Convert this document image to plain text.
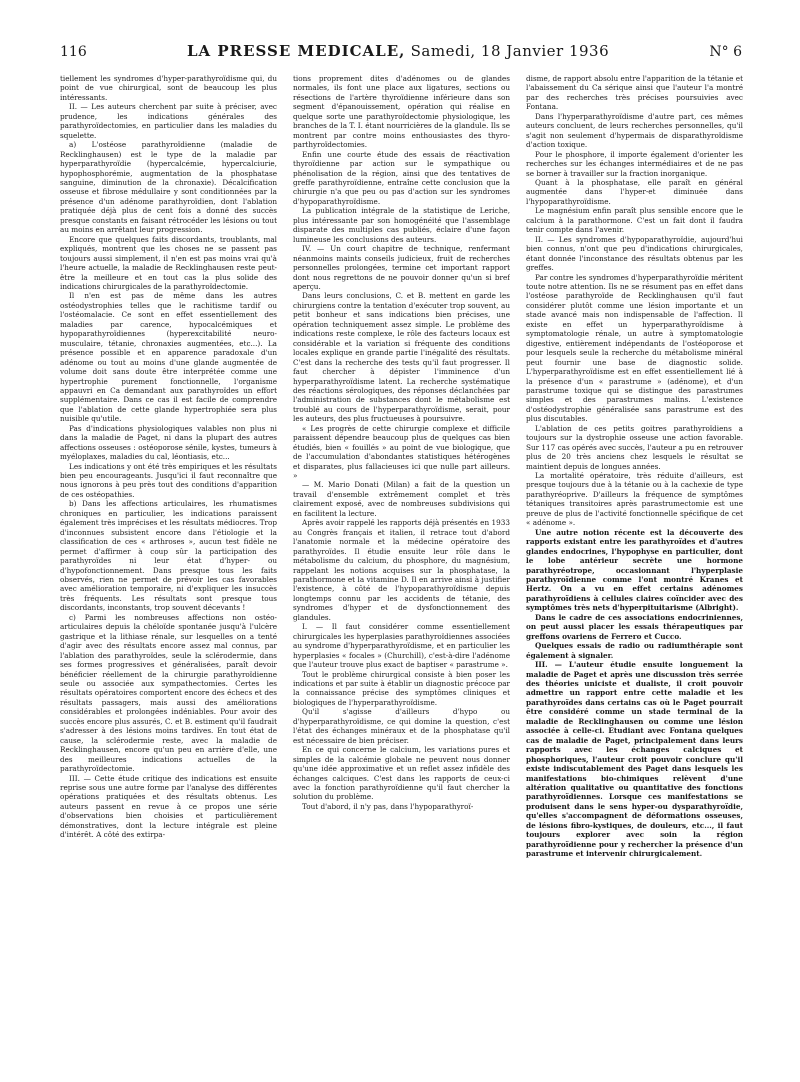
116	LA PRESSE MEDICALE, Samedi, 18 Janvier 1936	N° 6

tiellement les syndromes d'hyper-parathyroïdisme qui, du point de vue chirurgical, sont de beaucoup les plus intéressants.

II. — Les auteurs cherchent par suite à préciser, avec prudence, les indications générales des parathyroïdectomies, en particulier dans les maladies du squelette.

a) L'ostéose parathyroïdienne (maladie de Recklinghausen) est le type de la maladie par hyperparathyroïdie (hypercalcémie, hypercalciurie, hypophosphorémie, augmentation de la phosphatase sanguine, diminution de la chronaxie). Décalcification osseuse et fibrose médullaire y sont conditionnées par la présence d'un adénome parathyroïdien, dont l'ablation pratiquée déjà plus de cent fois a donné des succès presque constants en faisant rétrocéder les lésions ou tout au moins en arrêtant leur progression.

Encore que quelques faits discordants, troublants, mal expliqués, montrent que les choses ne se passent pas toujours aussi simplement, il n'en est pas moins vrai qu'à l'heure actuelle, la maladie de Recklinghausen reste peut-être la meilleure et en tout cas la plus solide des indications chirurgicales de la parathyroïdectomie.

Il n'en est pas de même dans les autres ostéodystrophies telles que le rachitisme tardif ou l'ostéomalacie. Ce sont en effet essentiellement des maladies par carence, hypocalcémiques et hypoparathyroïdiennes (hyperexcitabilité neuro-musculaire, tétanie, chronaxies augmentées, etc...). La présence possible et en apparence paradoxale d'un adénome ou tout au moins d'une glande augmentée de volume doit sans doute être interprétée comme une hypertrophie purement fonctionnelle, l'organisme appauvri en Ca demandant aux parathyroïdes un effort supplémentaire. Dans ce cas il est facile de comprendre que l'ablation de cette glande hypertrophiée sera plus nuisible qu'utile.

Pas d'indications physiologiques valables non plus ni dans la maladie de Paget, ni dans la plupart des autres affections osseuses : ostéoporose sénile, kystes, tumeurs à myéloplaxes, maladies du cal, léontiasis, etc...

Les indications y ont été très empiriques et les résultats bien peu encourageants. Jusqu'ici il faut reconnaître que nous ignorons à peu près tout des conditions d'apparition de ces ostéopathies.

b) Dans les affections articulaires, les rhumatismes chroniques en particulier, les indications paraissent également très imprécises et les résultats médiocres. Trop d'inconnues subsistent encore dans l'étiologie et la classification de ces « arthroses », aucun test fidèle ne permet d'affirmer à coup sûr la participation des parathyroïdes ni leur état d'hyper- ou d'hypofonctionnement. Dans presque tous les faits observés, rien ne permet de prévoir les cas favorables avec amélioration temporaire, ni d'expliquer les insuccès très fréquents. Les résultats sont presque tous discordants, inconstants, trop souvent décevants !

c) Parmi les nombreuses affections non ostéo-articulaires depuis la chéloïde spontanée jusqu'à l'ulcère gastrique et la lithiase rénale, sur lesquelles on a tenté d'agir avec des résultats encore assez mal connus, par l'ablation des parathyroïdes, seule la sclérodermie, dans ses formes progressives et généralisées, paraît devoir bénéficier réellement de la chirurgie parathyroïdienne seule ou associée aux sympathectomies. Certes les résultats opératoires comportent encore des échecs et des résultats passagers, mais aussi des améliorations considérables et prolongées indéniables. Pour avoir des succès encore plus assurés, C. et B. estiment qu'il faudrait s'adresser à des lésions moins tardives. En tout état de cause, la sclérodermie reste, avec la maladie de Recklinghausen, encore qu'un peu en arrière d'elle, une des meilleures indications actuelles de la parathyroïdectomie.

III. — Cette étude critique des indications est ensuite reprise sous une autre forme par l'analyse des différentes opérations pratiquées et des résultats obtenus. Les auteurs passent en revue à ce propos une série d'observations bien choisies et particulièrement démonstratives, dont la lecture intégrale est pleine d'intérêt. A côté des extirpa-

tions proprement dites d'adénomes ou de glandes normales, ils font une place aux ligatures, sections ou résections de l'artère thyroïdienne inférieure dans son segment d'épanouissement, opération qui réalise en quelque sorte une parathyroïdectomie physiologique, les branches de la T. I. étant nourricières de la glandule. Ils se montrent par contre moins enthousiastes des thyro-parthyroïdectomies.

Enfin une courte étude des essais de réactivation thyroïdienne par action sur le sympathique ou phénolisation de la région, ainsi que des tentatives de greffe parathyroïdienne, entraîne cette conclusion que la chirurgie n'a que peu ou pas d'action sur les syndromes d'hypoparathyroïdisme.

La publication intégrale de la statistique de Leriche, plus intéressante par son homogénéité que l'assemblage disparate des multiples cas publiés, éclaire d'une façon lumineuse les conclusions des auteurs.

IV. — Un court chapitre de technique, renfermant néanmoins maints conseils judicieux, fruit de recherches personnelles prolongées, termine cet important rapport dont nous regrettons de ne pouvoir donner qu'un si bref aperçu.

Dans leurs conclusions, C. et B. mettent en garde les chirurgiens contre la tentation d'exécuter trop souvent, au petit bonheur et sans indications bien précises, une opération techniquement assez simple. Le problème des indications reste complexe, le rôle des facteurs locaux est considérable et la variation si fréquente des conditions locales explique en grande partie l'inégalité des résultats. C'est dans la recherche des tests qu'il faut progresser. Il faut chercher à dépister l'imminence d'un hyperparathyroïdisme latent. La recherche systématique des réactions sérologiques, des réponses déclanchées par l'administration de substances dont le métabolisme est troublé au cours de l'hyperparathyroïdisme, serait, pour les auteurs, des plus fructueuses à poursuivre.

« Les progrès de cette chirurgie complexe et difficile paraissent dépendre beaucoup plus de quelques cas bien étudiés, bien « fouillés » au point de vue biologique, que de l'accumulation d'abondantes statistiques hétérogènes et disparates, plus fallacieuses ici que nulle part ailleurs. »

— M. Mario Donati (Milan) a fait de la question un travail d'ensemble extrêmement complet et très clairement exposé, avec de nombreuses subdivisions qui en facilitent la lecture.

Après avoir rappelé les rapports déjà présentés en 1933 au Congrès français et italien, il retrace tout d'abord l'anatomie normale et la médecine opératoire des parathyroïdes. Il étudie ensuite leur rôle dans le métabolisme du calcium, du phosphore, du magnésium, rappelant les notions acquises sur la phosphatase, la parathormone et la vitamine D. Il en arrive ainsi à justifier l'existence, à côté de l'hypoparathyroïdisme depuis longtemps connu par les accidents de tétanie, des syndromes d'hyper et de dysfonctionnement des glandules.

I. — Il faut considérer comme essentiellement chirurgicales les hyperplasies parathyroïdiennes associées au syndrome d'hyperparathyroïdisme, et en particulier les hyperplasies « focales » (Churchill), c'est-à-dire l'adénome que l'auteur trouve plus exact de baptiser « parastrume ».

Tout le problème chirurgical consiste à bien poser les indications et par suite à établir un diagnostic précoce par la connaissance précise des symptômes cliniques et biologiques de l'hyperparathyroïdisme.

Qu'il s'agisse d'ailleurs d'hypo ou d'hyperparathyroïdisme, ce qui domine la question, c'est l'état des échanges minéraux et de la phosphatase qu'il est nécessaire de bien préciser.

En ce qui concerne le calcium, les variations pures et simples de la calcémie globale ne peuvent nous donner qu'une idée approximative et un reflet assez infidèle des échanges calciques. C'est dans les rapports de ceux-ci avec la fonction parathyroïdienne qu'il faut chercher la solution du problème.

Tout d'abord, il n'y pas, dans l'hypoparathyroï-

disme, de rapport absolu entre l'apparition de la tétanie et l'abaissement du Ca sérique ainsi que l'auteur l'a montré par des recherches très précises poursuivies avec Fontana.

Dans l'hyperparathyroïdisme d'autre part, ces mêmes auteurs concluent, de leurs recherches personnelles, qu'il s'agit non seulement d'hypermais de disparathyroïdisme d'action toxique.

Pour le phosphore, il importe également d'orienter les recherches sur les échanges intermédiaires et de ne pas se borner à travailler sur la fraction inorganique.

Quant à la phosphatase, elle paraît en général augmentée dans l'hyper-et diminuée dans l'hypoparathyroïdisme.

Le magnésium enfin paraît plus sensible encore que le calcium à la parathormone. C'est un fait dont il faudra tenir compte dans l'avenir.

II. — Les syndromes d'hypoparathyroïdie, aujourd'hui bien connus, n'ont que peu d'indications chirurgicales, étant donnée l'inconstance des résultats obtenus par les greffes.

Par contre les syndromes d'hyperparathyroïdie méritent toute notre attention. Ils ne se résument pas en effet dans l'ostéose parathyroïde de Recklinghausen qu'il faut considérer plutôt comme une lésion importante et un stade avancé mais non indispensable de l'affection. Il existe en effet un hyperparathyroïdisme à symptomatologie rénale, un autre à symptomatologie digestive, entièrement indépendants de l'ostéoporose et pour lesquels seule la recherche du métabolisme minéral peut fournir une base de diagnostic solide. L'hyperparathyroïdisme est en effet essentiellement lié à la présence d'un « parastrume » (adénome), et d'un parastrume toxique qui se distingue des parastrumes simples et des parastrumes malins. L'existence d'ostéodystrophie généralisée sans parastrume est des plus discutables.

L'ablation de ces petits goitres parathyroïdiens a toujours sur la dystrophie osseuse une action favorable. Sur 117 cas opérés avec succès, l'auteur a pu en retrouver plus de 20 très anciens chez lesquels le résultat se maintient depuis de longues années.

La mortalité opératoire, très réduite d'ailleurs, est presque toujours due à la tétanie ou à la cachexie de type parathyréoprive. D'ailleurs la fréquence de symptômes tétaniques transitoires après parastrumectomie est une preuve de plus de l'activité fonctionnelle spécifique de cet « adénome ».

Une autre notion récente est la découverte des rapports existant entre les parathyroïdes et d'autres glandes endocrines, l'hypophyse en particulier, dont le lobe antérieur secrète une hormone parathyréotrope, occasionnant l'hyperplasie parathyroïdienne comme l'ont montré Kranes et Hertz. On a vu en effet certains adénomes parathyroïdiens à cellules claires coïncider avec des symptômes très nets d'hyperpituitarisme (Albright).

Dans le cadre de ces associations endocriniennes, on peut aussi placer les essais thérapeutiques par greffons ovariens de Ferrero et Cucco.

Quelques essais de radio ou radiumthérapie sont également à signaler.

III. — L'auteur étudie ensuite longuement la maladie de Paget et après une discussion très serrée des théories unicistе et dualiste, il croit pouvoir admettre un rapport entre cette maladie et les parathyroïdes dans certains cas où le Paget pourrait être considéré comme un stade terminal de la maladie de Recklinghausen ou comme une lésion associée à celle-ci. Etudiant avec Fontana quelques cas de maladie de Paget, principalement dans leurs rapports avec les échanges calciques et phosphoriques, l'auteur croit pouvoir conclure qu'il existe indiscutablement des Paget dans lesquels les manifestations bio-chimiques relèvent d'une altération qualitative ou quantitative des fonctions parathyroïdiennes. Lorsque ces manifestations se produisent dans le sens hyper-ou dysparathyroïdie, qu'elles s'accompagnent de déformations osseuses, de lésions fibro-kystiques, de douleurs, etc..., il faut toujours explorer avec soin la région parathyroïdienne pour y rechercher la présence d'un parastrume et intervenir chirurgicalement.
